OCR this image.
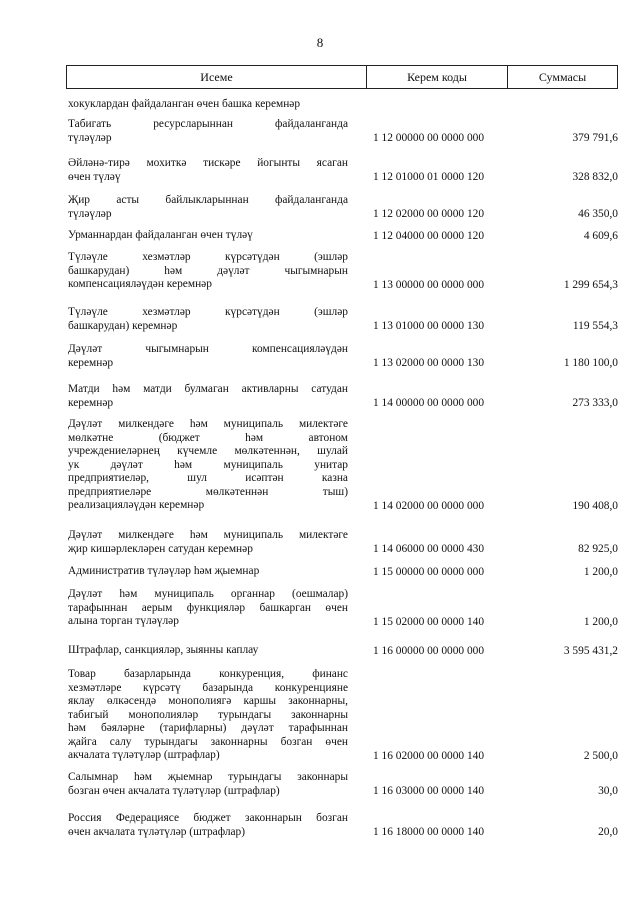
8
Исеме	Керем коды	Суммасы
хокуклардан файдаланган өчен башка керемнәр
Табигать ресурсларыннан файдаланганда
түләүләр	1 12 00000 00 0000 000	379 791,6
Әйләнә-тирә мохиткә тискәре йогынты ясаган
өчен түләү	1 12 01000 01 0000 120	328 832,0
Җир асты байлыкларыннан файдаланганда
түләүләр	1 12 02000 00 0000 120	46 350,0
Урманнардан файдаланган өчен түләү	1 12 04000 00 0000 120	4 609,6
Түләүле хезмәтләр күрсәтүдән (эшләр
башкарудан) һәм дәүләт чыгымнарын
компенсацияләүдән керемнәр	1 13 00000 00 0000 000	1 299 654,3
Түләүле хезмәтләр күрсәтүдән (эшләр
башкарудан) керемнәр	1 13 01000 00 0000 130	119 554,3
Дәүләт чыгымнарын компенсацияләүдән
керемнәр	1 13 02000 00 0000 130	1 180 100,0
Матди һәм матди булмаган активларны сатудан
керемнәр	1 14 00000 00 0000 000	273 333,0
Дәүләт милкендәге һәм муниципаль милектәге
мөлкәтне (бюджет һәм автоном
учреждениеләрнең күчемле мөлкәтеннән, шулай
ук дәүләт һәм муниципаль унитар
предприятиеләр, шул исәптән казна
предприятиеләре мөлкәтеннән тыш)
реализацияләүдән керемнәр	1 14 02000 00 0000 000	190 408,0
Дәүләт милкендәге һәм муниципаль милектәге
җир кишәрлекләрен сатудан керемнәр	1 14 06000 00 0000 430	82 925,0
Административ түләүләр һәм җыемнар	1 15 00000 00 0000 000	1 200,0
Дәүләт һәм муниципаль органнар (оешмалар)
тарафыннан аерым функцияләр башкарган өчен
алына торган түләүләр	1 15 02000 00 0000 140	1 200,0
Штрафлар, санкцияләр, зыянны каплау	1 16 00000 00 0000 000	3 595 431,2
Товар базарларында конкуренция, финанс
хезмәтләре күрсәтү базарында конкуренцияне
яклау өлкәсендә монополиягә каршы законнарны,
табигый монополияләр турындагы законнарны
һәм бәяләрне (тарифларны) дәүләт тарафыннан
җайга салу турындагы законнарны бозган өчен
акчалата түләтүләр (штрафлар)	1 16 02000 00 0000 140	2 500,0
Салымнар һәм җыемнар турындагы законнары
бозган өчен акчалата түләтүләр (штрафлар)	1 16 03000 00 0000 140	30,0
Россия Федерациясе бюджет законнарын бозган
өчен акчалата түләтүләр (штрафлар)	1 16 18000 00 0000 140	20,0
